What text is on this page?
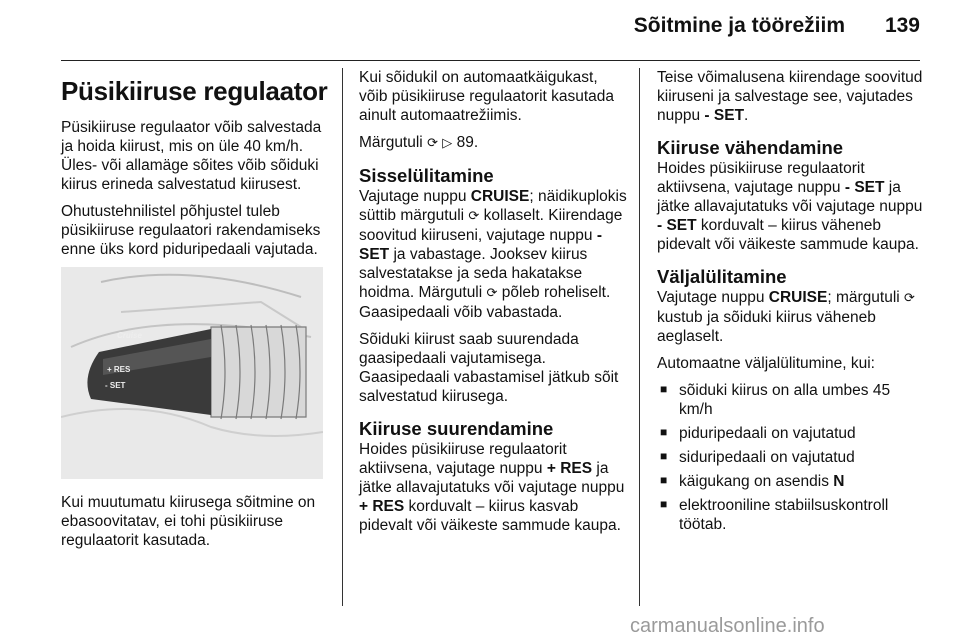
Sõitmine ja töörežiim 139
Püsikiiruse regulaator

Püsikiiruse regulaator võib salvestada ja hoida kiirust, mis on üle 40 km/h. Üles- või allamäge sõites võib sõiduki kiirus erineda salvestatud kiirusest.

Ohutustehnilistel põhjustel tuleb püsikiiruse regulaatori rakendamiseks enne üks kord piduripedaali vajutada.

Cruise
+ RES
- SET

Kui muutumatu kiirusega sõitmine on ebasoovitatav, ei tohi püsikiiruse regulaatorit kasutada.

Kui sõidukil on automaatkäigukast, võib püsikiiruse regulaatorit kasutada ainult automaatrežiimis.

Märgutuli ⟳ ▷ 89.

Sisselülitamine

Vajutage nuppu CRUISE; näidikuplokis süttib märgutuli ⟳ kollaselt. Kiirendage soovitud kiiruseni, vajutage nuppu - SET ja vabastage. Jooksev kiirus salvestatakse ja seda hakatakse hoidma. Märgutuli ⟳ põleb roheliselt. Gaasipedaali võib vabastada.

Sõiduki kiirust saab suurendada gaasipedaali vajutamisega. Gaasipedaali vabastamisel jätkub sõit salvestatud kiirusega.

Kiiruse suurendamine

Hoides püsikiiruse regulaatorit aktiivsena, vajutage nuppu + RES ja jätke allavajutatuks või vajutage nuppu + RES korduvalt – kiirus kasvab pidevalt või väikeste sammude kaupa.

Teise võimalusena kiirendage soovitud kiiruseni ja salvestage see, vajutades nuppu - SET.

Kiiruse vähendamine

Hoides püsikiiruse regulaatorit aktiivsena, vajutage nuppu - SET ja jätke allavajutatuks või vajutage nuppu - SET korduvalt – kiirus väheneb pidevalt või väikeste sammude kaupa.

Väljalülitamine

Vajutage nuppu CRUISE; märgutuli ⟳ kustub ja sõiduki kiirus väheneb aeglaselt.

Automaatne väljalülitumine, kui:

■ sõiduki kiirus on alla umbes 45 km/h
■ piduripedaali on vajutatud
■ siduripedaali on vajutatud
■ käigukang on asendis N
■ elektrooniline stabiilsuskontroll töötab.
carmanualsonline.info
